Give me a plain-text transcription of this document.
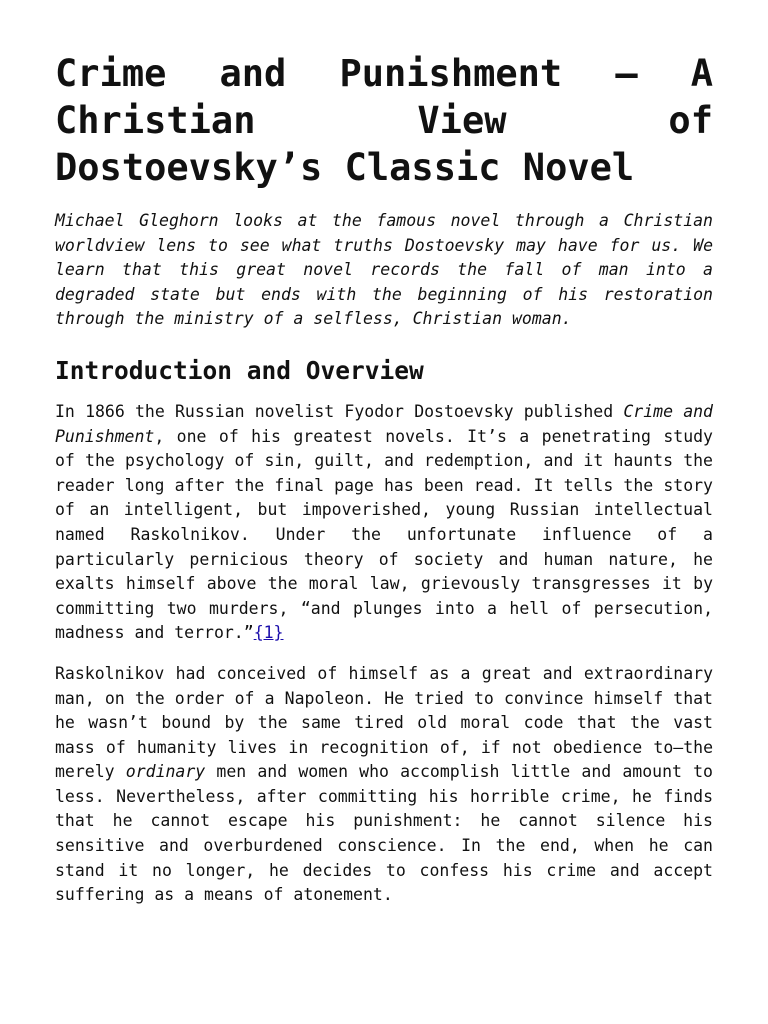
Crime and Punishment – A Christian View of Dostoevsky’s Classic Novel

Michael Gleghorn looks at the famous novel through a Christian worldview lens to see what truths Dostoevsky may have for us. We learn that this great novel records the fall of man into a degraded state but ends with the beginning of his restoration through the ministry of a selfless, Christian woman.

Introduction and Overview

In 1866 the Russian novelist Fyodor Dostoevsky published Crime and Punishment, one of his greatest novels. It’s a penetrating study of the psychology of sin, guilt, and redemption, and it haunts the reader long after the final page has been read. It tells the story of an intelligent, but impoverished, young Russian intellectual named Raskolnikov. Under the unfortunate influence of a particularly pernicious theory of society and human nature, he exalts himself above the moral law, grievously transgresses it by committing two murders, “and plunges into a hell of persecution, madness and terror.”{1}

Raskolnikov had conceived of himself as a great and extraordinary man, on the order of a Napoleon. He tried to convince himself that he wasn’t bound by the same tired old moral code that the vast mass of humanity lives in recognition of, if not obedience to—the merely ordinary men and women who accomplish little and amount to less. Nevertheless, after committing his horrible crime, he finds that he cannot escape his punishment: he cannot silence his sensitive and overburdened conscience. In the end, when he can stand it no longer, he decides to confess his crime and accept suffering as a means of atonement.
